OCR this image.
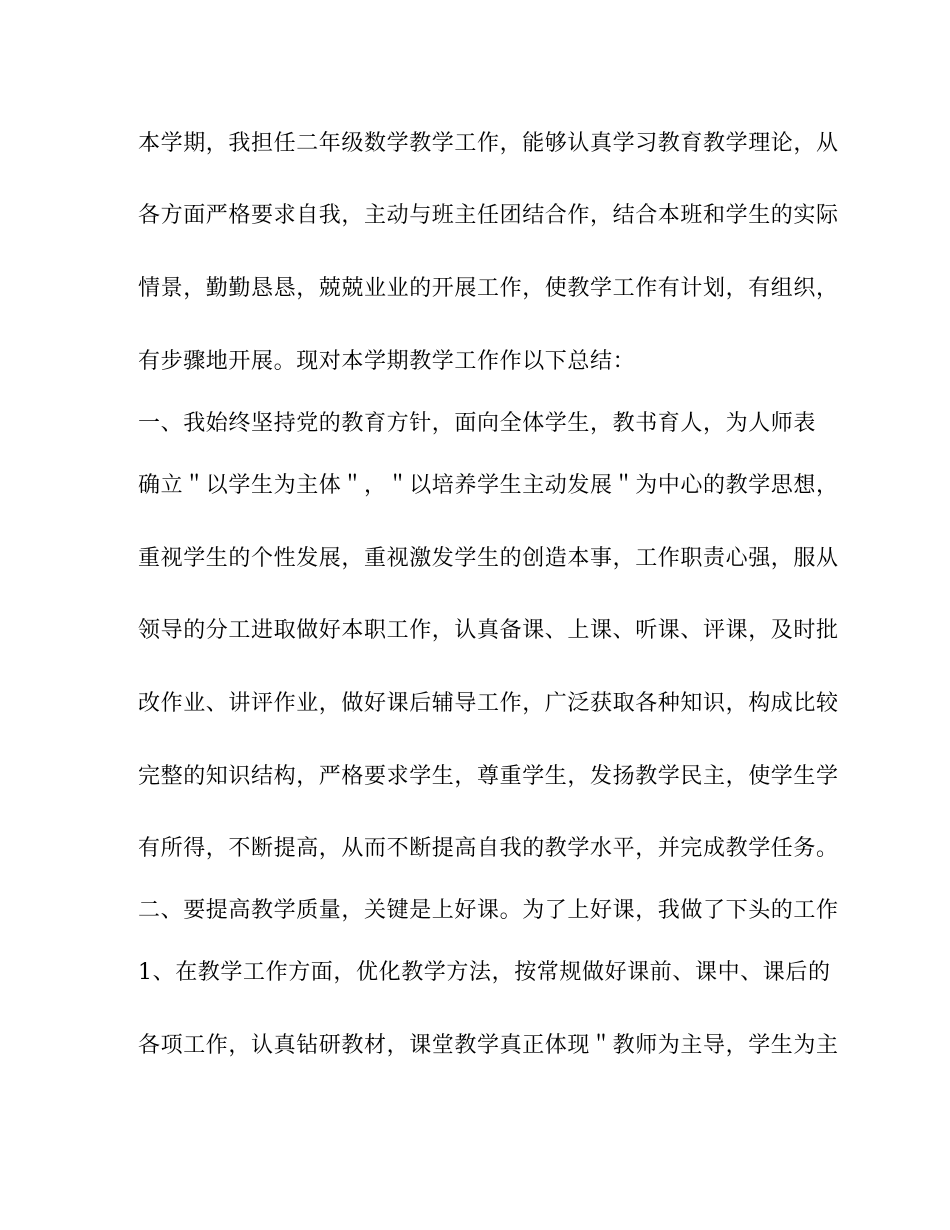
本学期，我担任二年级数学教学工作，能够认真学习教育教学理论，从
各方面严格要求自我，主动与班主任团结合作，结合本班和学生的实际
情景，勤勤恳恳，兢兢业业的开展工作，使教学工作有计划，有组织，
有步骤地开展。现对本学期教学工作作以下总结：
一、我始终坚持党的教育方针，面向全体学生，教书育人，为人师表
确立＂以学生为主体＂，＂以培养学生主动发展＂为中心的教学思想，
重视学生的个性发展，重视激发学生的创造本事，工作职责心强，服从
领导的分工进取做好本职工作，认真备课、上课、听课、评课，及时批
改作业、讲评作业，做好课后辅导工作，广泛获取各种知识，构成比较
完整的知识结构，严格要求学生，尊重学生，发扬教学民主，使学生学
有所得，不断提高，从而不断提高自我的教学水平，并完成教学任务。
二、要提高教学质量，关键是上好课。为了上好课，我做了下头的工作
1、在教学工作方面，优化教学方法，按常规做好课前、课中、课后的
各项工作，认真钻研教材，课堂教学真正体现＂教师为主导，学生为主
